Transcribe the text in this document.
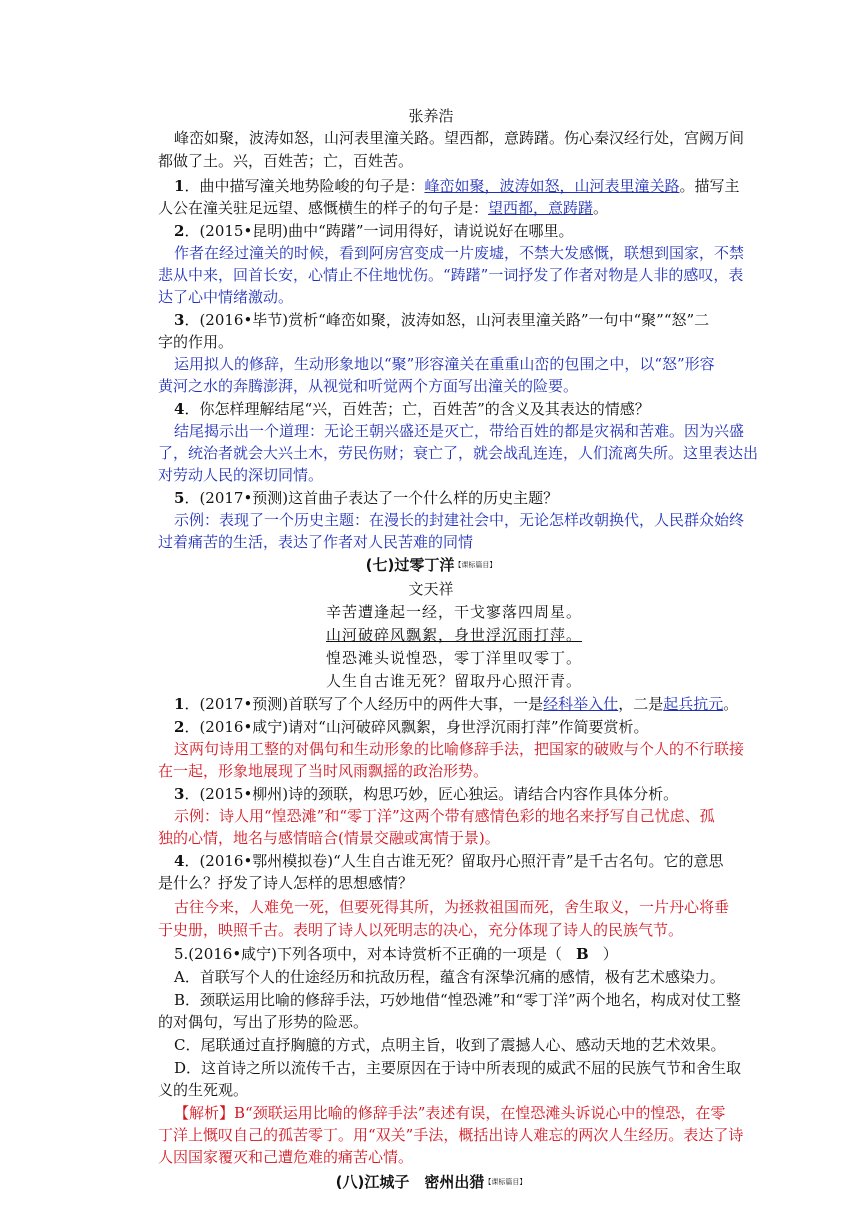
张养浩
峰峦如聚，波涛如怒，山河表里潼关路。望西都，意踌躇。伤心秦汉经行处，宫阙万间
都做了土。兴，百姓苦；亡，百姓苦。
1．曲中描写潼关地势险峻的句子是：峰峦如聚，波涛如怒，山河表里潼关路。描写主
人公在潼关驻足远望、感慨横生的样子的句子是：望西都，意踌躇。
2．(2015•昆明)曲中“踌躇”一词用得好，请说说好在哪里。
作者在经过潼关的时候，看到阿房宫变成一片废墟，不禁大发感慨，联想到国家，不禁
悲从中来，回首长安，心情止不住地忧伤。“踌躇”一词抒发了作者对物是人非的感叹，表
达了心中情绪激动。
3．(2016•毕节)赏析“峰峦如聚，波涛如怒，山河表里潼关路”一句中“聚”“怒”二
字的作用。
运用拟人的修辞，生动形象地以“聚”形容潼关在重重山峦的包围之中，以“怒”形容
黄河之水的奔腾澎湃，从视觉和听觉两个方面写出潼关的险要。
4．你怎样理解结尾“兴，百姓苦；亡，百姓苦”的含义及其表达的情感？
结尾揭示出一个道理：无论王朝兴盛还是灭亡，带给百姓的都是灾祸和苦难。因为兴盛
了，统治者就会大兴土木，劳民伤财；衰亡了，就会战乱连连，人们流离失所。这里表达出
对劳动人民的深切同情。
5．(2017•预测)这首曲子表达了一个什么样的历史主题？
示例：表现了一个历史主题：在漫长的封建社会中，无论怎样改朝换代，人民群众始终
过着痛苦的生活，表达了作者对人民苦难的同情
(七)过零丁洋$^{【课标篇目】}$
文天祥
辛苦遭逢起一经，干戈寥落四周星。
山河破碎风飘絮，身世浮沉雨打萍。
惶恐滩头说惶恐，零丁洋里叹零丁。
人生自古谁无死？留取丹心照汗青。
1．(2017•预测)首联写了个人经历中的两件大事，一是经科举入仕，二是起兵抗元。
2．(2016•咸宁)请对“山河破碎风飘絮，身世浮沉雨打萍”作简要赏析。
这两句诗用工整的对偶句和生动形象的比喻修辞手法，把国家的破败与个人的不行联接
在一起，形象地展现了当时风雨飘摇的政治形势。
3．(2015•柳州)诗的颈联，构思巧妙，匠心独运。请结合内容作具体分析。
示例：诗人用“惶恐滩”和“零丁洋”这两个带有感情色彩的地名来抒写自己忧虑、孤
独的心情，地名与感情暗合(情景交融或寓情于景)。
4．(2016•鄂州模拟卷)“人生自古谁无死？留取丹心照汗青”是千古名句。它的意思
是什么？抒发了诗人怎样的思想感情？
古往今来，人难免一死，但要死得其所，为拯救祖国而死，舍生取义，一片丹心将垂
于史册，映照千古。表明了诗人以死明志的决心，充分体现了诗人的民族气节。
5.(2016•咸宁)下列各项中，对本诗赏析不正确的一项是（ B ）
A．首联写个人的仕途经历和抗敌历程，蕴含有深挚沉痛的感情，极有艺术感染力。
B．颈联运用比喻的修辞手法，巧妙地借“惶恐滩”和“零丁洋”两个地名，构成对仗工整
的对偶句，写出了形势的险恶。
C．尾联通过直抒胸臆的方式，点明主旨，收到了震撼人心、感动天地的艺术效果。
D．这首诗之所以流传千古，主要原因在于诗中所表现的威武不屈的民族气节和舍生取
义的生死观。
【解析】B“颈联运用比喻的修辞手法”表述有误，在惶恐滩头诉说心中的惶恐，在零
丁洋上慨叹自己的孤苦零丁。用“双关”手法，概括出诗人难忘的两次人生经历。表达了诗
人因国家覆灭和己遭危难的痛苦心情。
(八)江城子　密州出猎$^{【课标篇目】}$
